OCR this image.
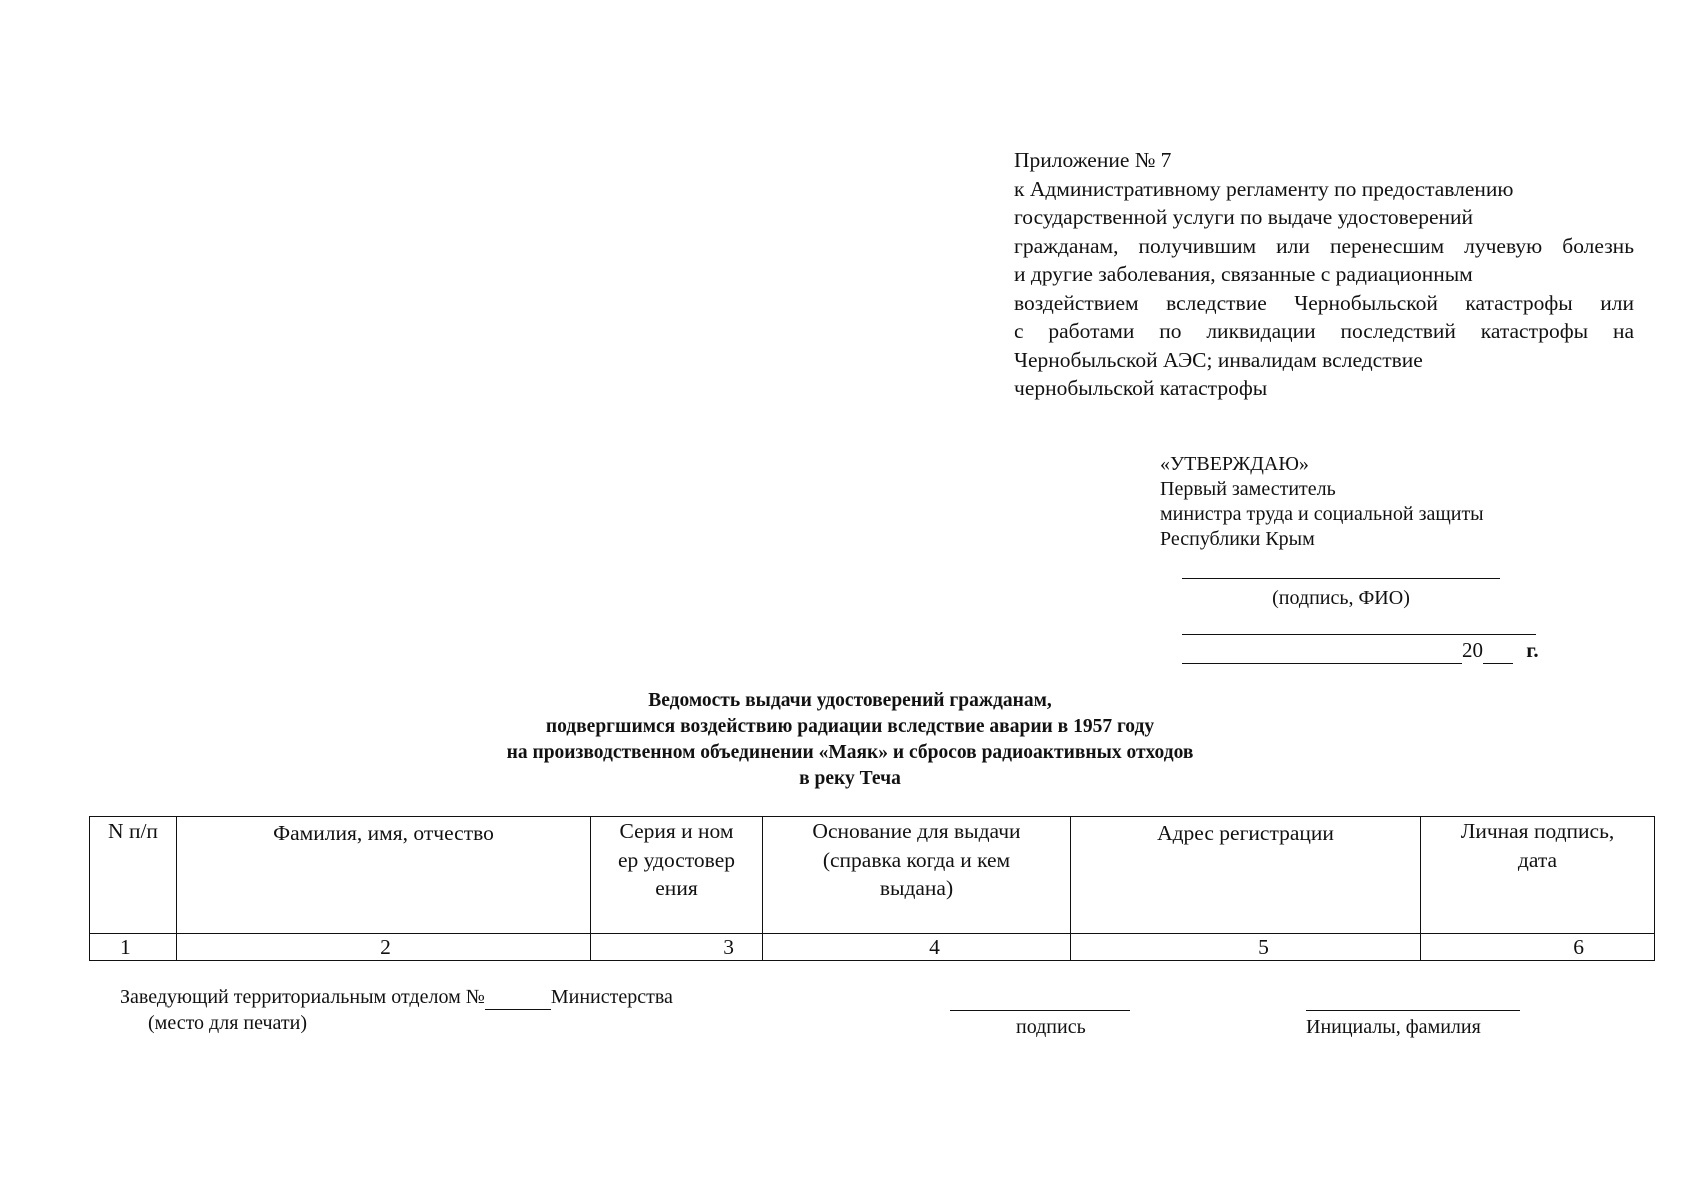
Приложение № 7
к Административному регламенту по предоставлению
государственной услуги по выдаче удостоверений
гражданам, получившим или перенесшим лучевую болезнь
и другие заболевания, связанные с радиационным
воздействием вследствие Чернобыльской катастрофы или
с работами по ликвидации последствий катастрофы на
Чернобыльской АЭС; инвалидам вследствие
чернобыльской катастрофы
«УТВЕРЖДАЮ»
Первый заместитель
министра труда и социальной защиты
Республики Крым
(подпись, ФИО)
20 г.
Ведомость выдачи удостоверений гражданам,
подвергшимся воздействию радиации вследствие аварии в 1957 году
на производственном объединении «Маяк» и сбросов радиоактивных отходов
в реку Теча
N п/п	Фамилия, имя, отчество	Серия и номер удостоверения	Основание для выдачи (справка когда и кем выдана)	Адрес регистрации	Личная подпись, дата
1	2	3	4	5	6
Заведующий территориальным отделом №	Министерства
(место для печати)	подпись	Инициалы, фамилия
